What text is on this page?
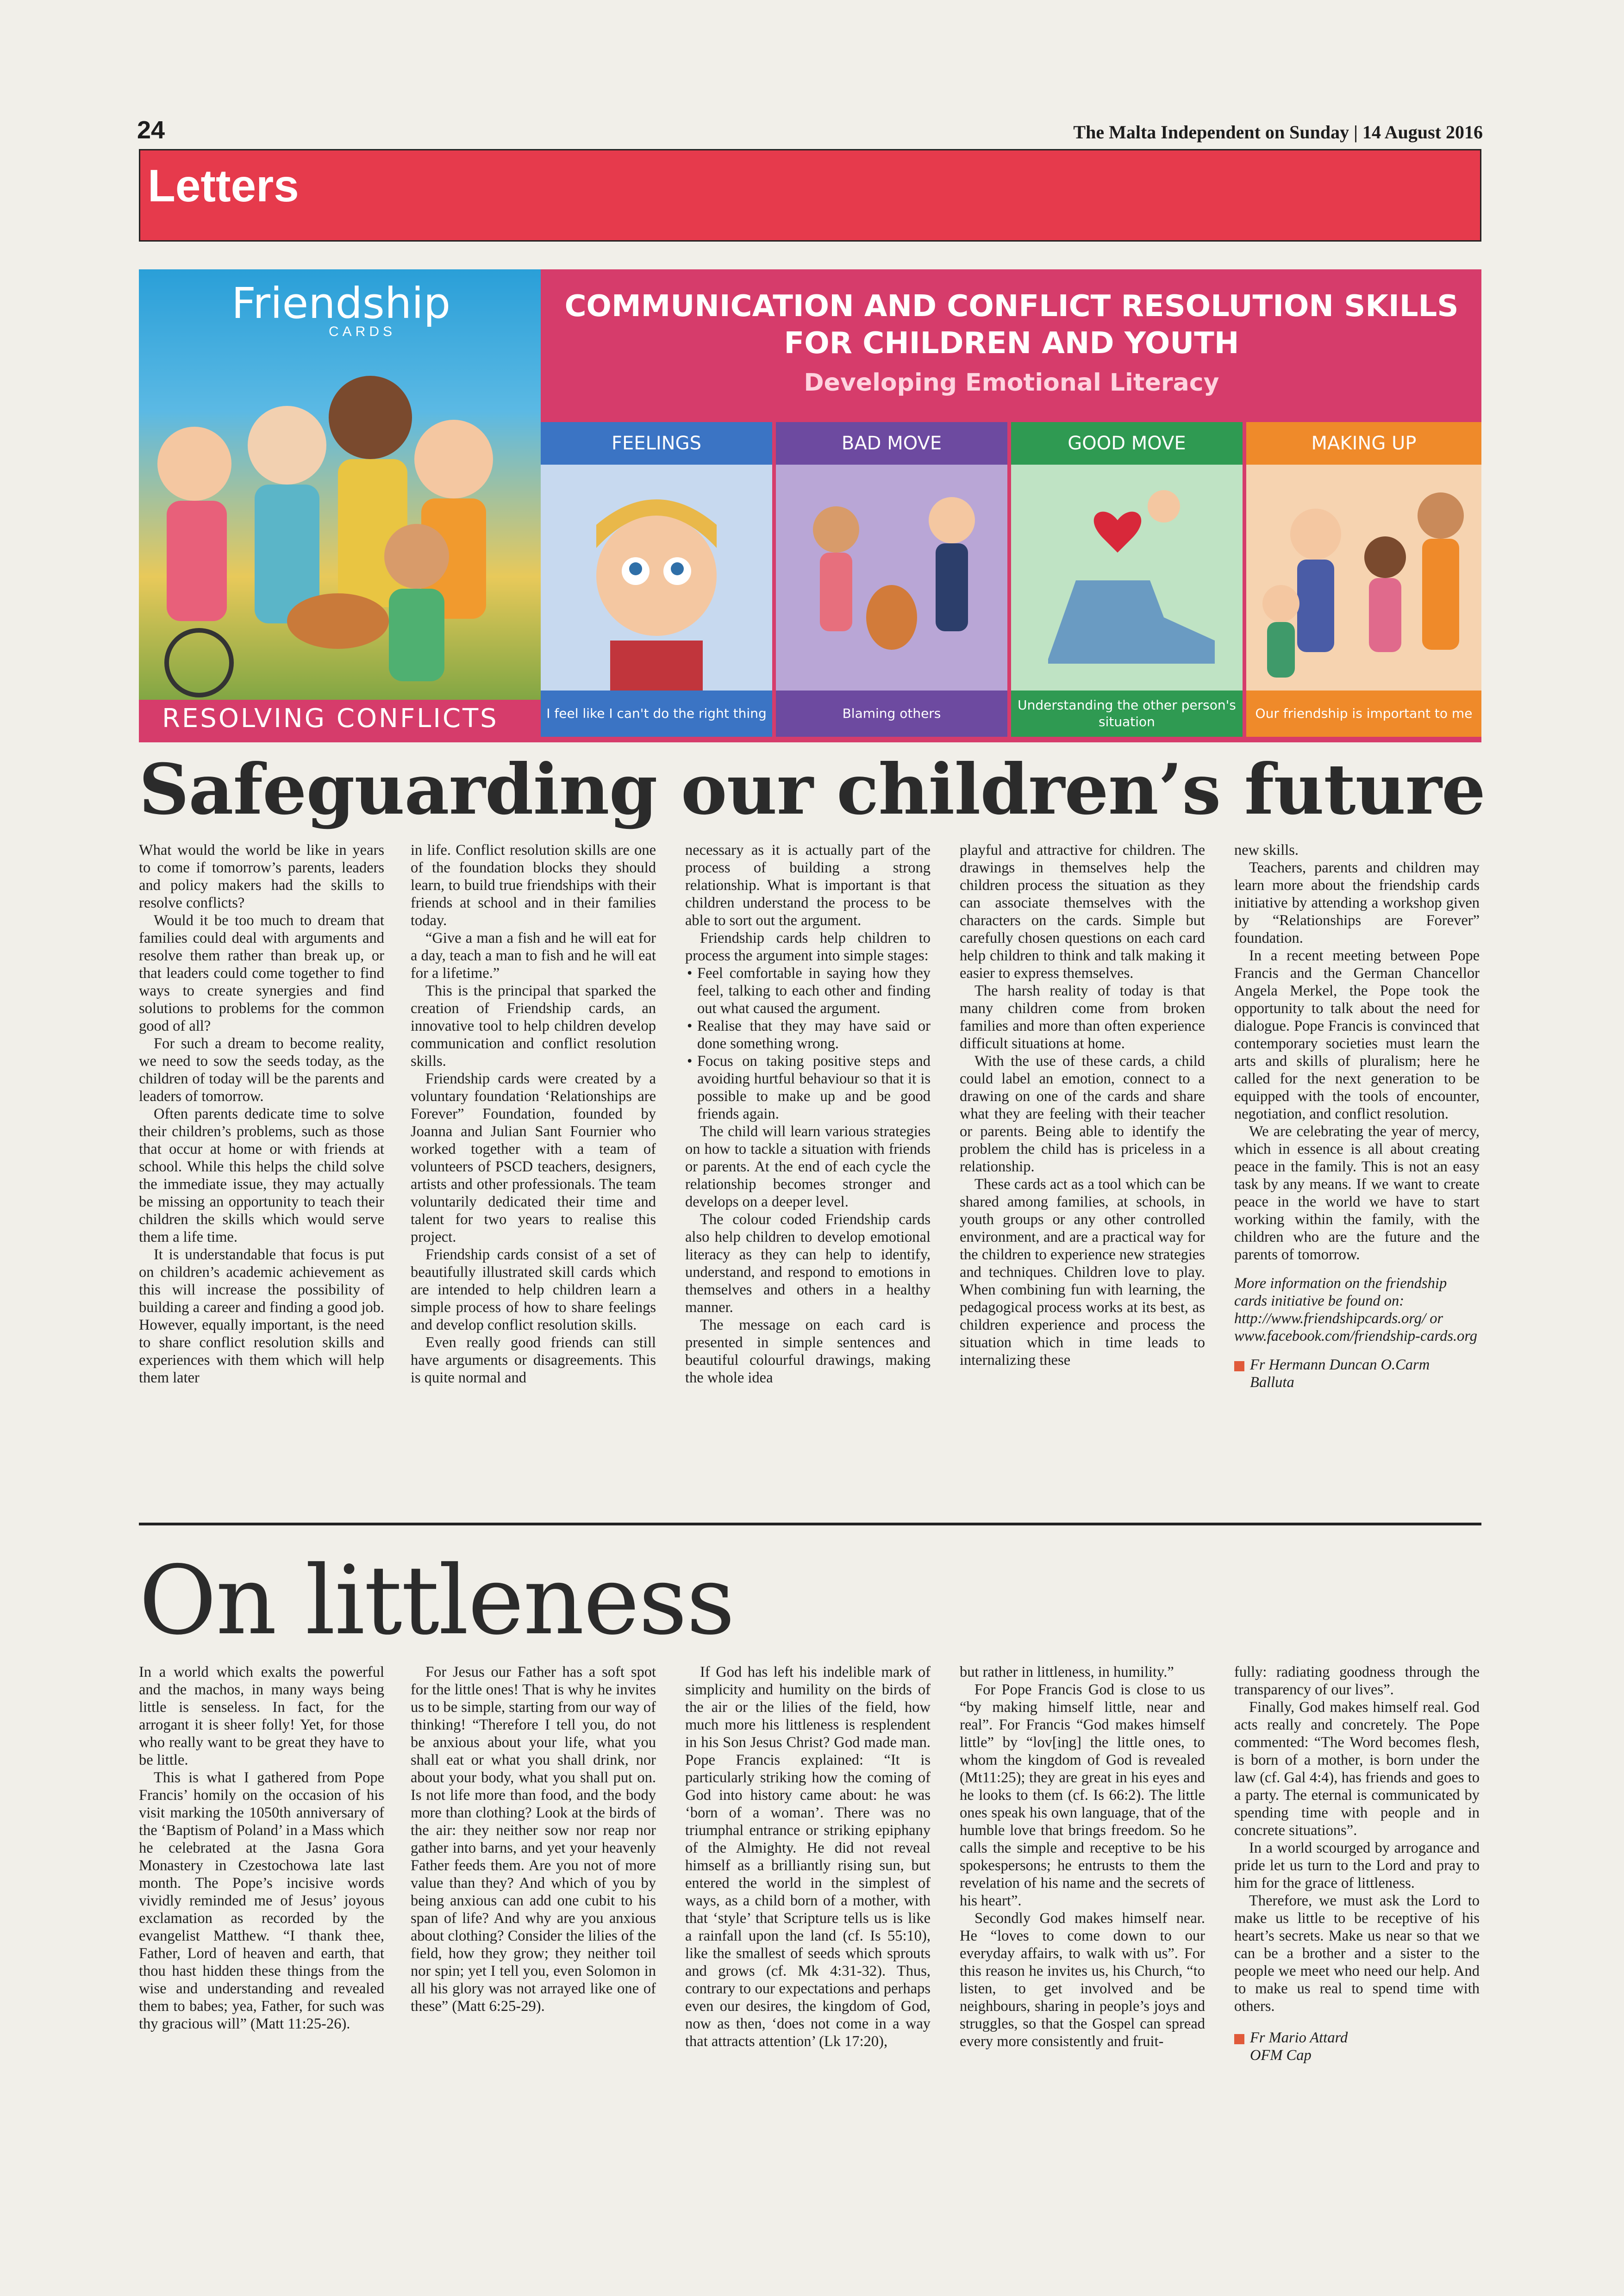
24	The Malta Independent on Sunday | 14 August 2016
Letters
Friendship
CARDS
RESOLVING CONFLICTS
COMMUNICATION AND CONFLICT RESOLUTION SKILLS
FOR CHILDREN AND YOUTH
Developing Emotional Literacy
FEELINGS
I feel like I can't do the right thing
BAD MOVE
Blaming others
GOOD MOVE
Understanding the other person's situation
MAKING UP
Our friendship is important to me
Safeguarding our children’s future

What would the world be like in years to come if tomorrow’s parents, leaders and policy makers had the skills to resolve conflicts?

Would it be too much to dream that families could deal with arguments and resolve them rather than break up, or that leaders could come together to find ways to create synergies and find solutions to problems for the common good of all?

For such a dream to become reality, we need to sow the seeds today, as the children of today will be the parents and leaders of tomorrow.

Often parents dedicate time to solve their children’s problems, such as those that occur at home or with friends at school. While this helps the child solve the immediate issue, they may actually be missing an opportunity to teach their children the skills which would serve them a life time.

It is understandable that focus is put on children’s academic achievement as this will increase the possibility of building a career and finding a good job. However, equally important, is the need to share conflict resolution skills and experiences with them which will help them later

in life. Conflict resolution skills are one of the foundation blocks they should learn, to build true friendships with their friends at school and in their families today.

“Give a man a fish and he will eat for a day, teach a man to fish and he will eat for a lifetime.”

This is the principal that sparked the creation of Friendship cards, an innovative tool to help children develop communication and conflict resolution skills.

Friendship cards were created by a voluntary foundation ‘Relationships are Forever” Foundation, founded by Joanna and Julian Sant Fournier who worked together with a team of volunteers of PSCD teachers, designers, artists and other professionals. The team voluntarily dedicated their time and talent for two years to realise this project.

Friendship cards consist of a set of beautifully illustrated skill cards which are intended to help children learn a simple process of how to share feelings and develop conflict resolution skills.

Even really good friends can still have arguments or disagreements. This is quite normal and

necessary as it is actually part of the process of building a strong relationship. What is important is that children understand the process to be able to sort out the argument.

Friendship cards help children to process the argument into simple stages:

• Feel comfortable in saying how they feel, talking to each other and finding out what caused the argument.
• Realise that they may have said or done something wrong.
• Focus on taking positive steps and avoiding hurtful behaviour so that it is possible to make up and be good friends again.

The child will learn various strategies on how to tackle a situation with friends or parents. At the end of each cycle the relationship becomes stronger and develops on a deeper level.

The colour coded Friendship cards also help children to develop emotional literacy as they can help to identify, understand, and respond to emotions in themselves and others in a healthy manner.

The message on each card is presented in simple sentences and beautiful colourful drawings, making the whole idea

playful and attractive for children. The drawings in themselves help the children process the situation as they can associate themselves with the characters on the cards. Simple but carefully chosen questions on each card help children to think and talk making it easier to express themselves.

The harsh reality of today is that many children come from broken families and more than often experience difficult situations at home.

With the use of these cards, a child could label an emotion, connect to a drawing on one of the cards and share what they are feeling with their teacher or parents. Being able to identify the problem the child has is priceless in a relationship.

These cards act as a tool which can be shared among families, at schools, in youth groups or any other controlled environment, and are a practical way for the children to experience new strategies and techniques. Children love to play. When combining fun with learning, the pedagogical process works at its best, as children experience and process the situation which in time leads to internalizing these

new skills.

Teachers, parents and children may learn more about the friendship cards initiative by attending a workshop given by “Relationships are Forever” foundation.

In a recent meeting between Pope Francis and the German Chancellor Angela Merkel, the Pope took the opportunity to talk about the need for dialogue. Pope Francis is convinced that contemporary societies must learn the arts and skills of pluralism; here he called for the next generation to be equipped with the tools of encounter, negotiation, and conflict resolution.

We are celebrating the year of mercy, which in essence is all about creating peace in the family. This is not an easy task by any means. If we want to create peace in the world we have to start working within the family, with the children who are the future and the parents of tomorrow.

More information on the friendship cards initiative be found on: http://www.friendshipcards.org/ or www.facebook.com/friendship-cards.org

Fr Hermann Duncan O.Carm

Balluta

On littleness

In a world which exalts the powerful and the machos, in many ways being little is senseless. In fact, for the arrogant it is sheer folly! Yet, for those who really want to be great they have to be little.

This is what I gathered from Pope Francis’ homily on the occasion of his visit marking the 1050th anniversary of the ‘Baptism of Poland’ in a Mass which he celebrated at the Jasna Gora Monastery in Czestochowa late last month. The Pope’s incisive words vividly reminded me of Jesus’ joyous exclamation as recorded by the evangelist Matthew. “I thank thee, Father, Lord of heaven and earth, that thou hast hidden these things from the wise and understanding and revealed them to babes; yea, Father, for such was thy gracious will” (Matt 11:25-26).

For Jesus our Father has a soft spot for the little ones! That is why he invites us to be simple, starting from our way of thinking! “Therefore I tell you, do not be anxious about your life, what you shall eat or what you shall drink, nor about your body, what you shall put on. Is not life more than food, and the body more than clothing? Look at the birds of the air: they neither sow nor reap nor gather into barns, and yet your heavenly Father feeds them. Are you not of more value than they? And which of you by being anxious can add one cubit to his span of life? And why are you anxious about clothing? Consider the lilies of the field, how they grow; they neither toil nor spin; yet I tell you, even Solomon in all his glory was not arrayed like one of these” (Matt 6:25-29).

If God has left his indelible mark of simplicity and humility on the birds of the air or the lilies of the field, how much more his littleness is resplendent in his Son Jesus Christ? God made man. Pope Francis explained: “It is particularly striking how the coming of God into history came about: he was ‘born of a woman’. There was no triumphal entrance or striking epiphany of the Almighty. He did not reveal himself as a brilliantly rising sun, but entered the world in the simplest of ways, as a child born of a mother, with that ‘style’ that Scripture tells us is like a rainfall upon the land (cf. Is 55:10), like the smallest of seeds which sprouts and grows (cf. Mk 4:31-32). Thus, contrary to our expectations and perhaps even our desires, the kingdom of God, now as then, ‘does not come in a way that attracts attention’ (Lk 17:20),

but rather in littleness, in humility.”

For Pope Francis God is close to us “by making himself little, near and real”. For Francis “God makes himself little” by “lov[ing] the little ones, to whom the kingdom of God is revealed (Mt11:25); they are great in his eyes and he looks to them (cf. Is 66:2). The little ones speak his own language, that of the humble love that brings freedom. So he calls the simple and receptive to be his spokespersons; he entrusts to them the revelation of his name and the secrets of his heart”.

Secondly God makes himself near. He “loves to come down to our everyday affairs, to walk with us”. For this reason he invites us, his Church, “to listen, to get involved and be neighbours, sharing in people’s joys and struggles, so that the Gospel can spread every more consistently and fruit-

fully: radiating goodness through the transparency of our lives”.

Finally, God makes himself real. God acts really and concretely. The Pope commented: “The Word becomes flesh, is born of a mother, is born under the law (cf. Gal 4:4), has friends and goes to a party. The eternal is communicated by spending time with people and in concrete situations”.

In a world scourged by arrogance and pride let us turn to the Lord and pray to him for the grace of littleness.

Therefore, we must ask the Lord to make us little to be receptive of his heart’s secrets. Make us near so that we can be a brother and a sister to the people we meet who need our help. And to make us real to spend time with others.

Fr Mario Attard

OFM Cap
